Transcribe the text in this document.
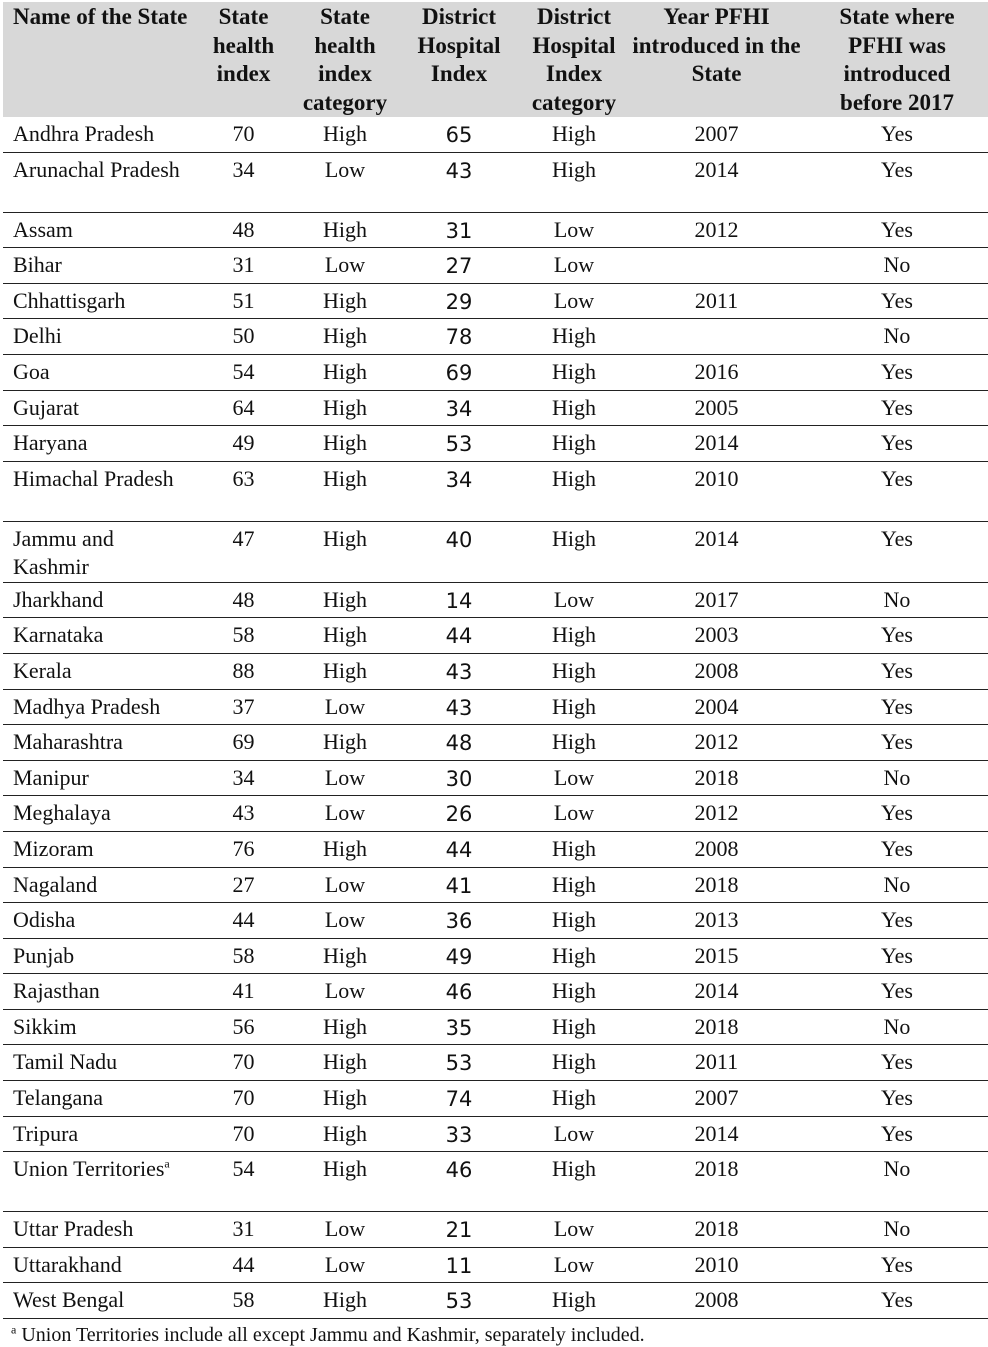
Name of the State	State health index	State health index category	District Hospital Index	District Hospital Index category	Year PFHI introduced in the State	State where PFHI was introduced before 2017
Andhra Pradesh	70	High	65	High	2007	Yes
Arunachal Pradesh	34	Low	43	High	2014	Yes
Assam	48	High	31	Low	2012	Yes
Bihar	31	Low	27	Low		No
Chhattisgarh	51	High	29	Low	2011	Yes
Delhi	50	High	78	High		No
Goa	54	High	69	High	2016	Yes
Gujarat	64	High	34	High	2005	Yes
Haryana	49	High	53	High	2014	Yes
Himachal Pradesh	63	High	34	High	2010	Yes
Jammu and Kashmir	47	High	40	High	2014	Yes
Jharkhand	48	High	14	Low	2017	No
Karnataka	58	High	44	High	2003	Yes
Kerala	88	High	43	High	2008	Yes
Madhya Pradesh	37	Low	43	High	2004	Yes
Maharashtra	69	High	48	High	2012	Yes
Manipur	34	Low	30	Low	2018	No
Meghalaya	43	Low	26	Low	2012	Yes
Mizoram	76	High	44	High	2008	Yes
Nagaland	27	Low	41	High	2018	No
Odisha	44	Low	36	High	2013	Yes
Punjab	58	High	49	High	2015	Yes
Rajasthan	41	Low	46	High	2014	Yes
Sikkim	56	High	35	High	2018	No
Tamil Nadu	70	High	53	High	2011	Yes
Telangana	70	High	74	High	2007	Yes
Tripura	70	High	33	Low	2014	Yes
Union Territories$^a$	54	High	46	High	2018	No
Uttar Pradesh	31	Low	21	Low	2018	No
Uttarakhand	44	Low	11	Low	2010	Yes
West Bengal	58	High	53	High	2008	Yes
$^a$ Union Territories include all except Jammu and Kashmir, separately included.
